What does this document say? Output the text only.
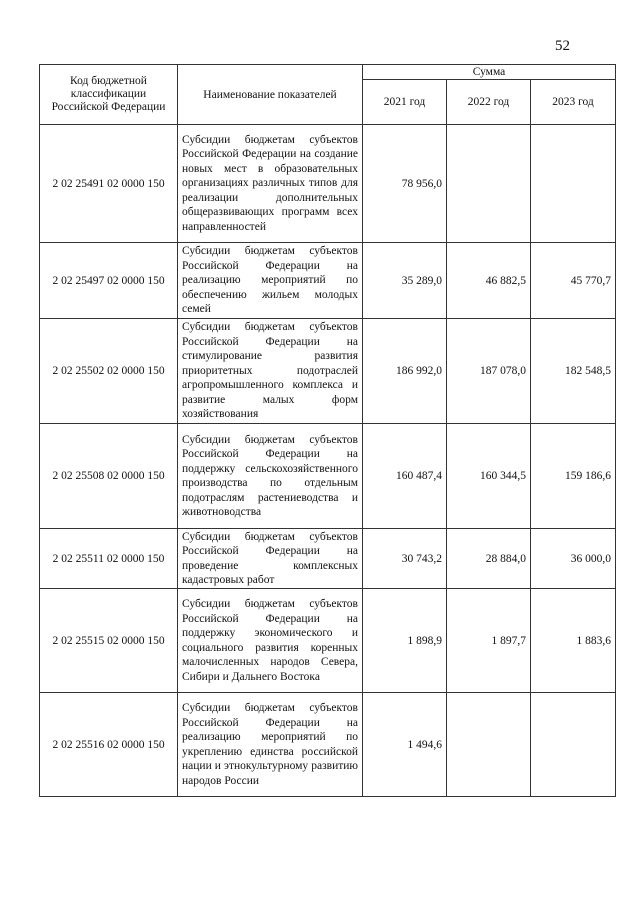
52
Код бюджетной классификации Российской Федерации	Наименование показателей	Сумма		
		2021 год	2022 год	2023 год
2 02 25491 02 0000 150	Субсидии бюджетам субъектов Российской Федерации на создание новых мест в образовательных организациях различных типов для реализации дополнительных общеразвивающих программ всех направленностей	78 956,0		
2 02 25497 02 0000 150	Субсидии бюджетам субъектов Российской Федерации на реализацию мероприятий по обеспечению жильем молодых семей	35 289,0	46 882,5	45 770,7
2 02 25502 02 0000 150	Субсидии бюджетам субъектов Российской Федерации на стимулирование развития приоритетных подотраслей агропромышленного комплекса и развитие малых форм хозяйствования	186 992,0	187 078,0	182 548,5
2 02 25508 02 0000 150	Субсидии бюджетам субъектов Российской Федерации на поддержку сельскохозяйственного производства по отдельным подотраслям растениеводства и животноводства	160 487,4	160 344,5	159 186,6
2 02 25511 02 0000 150	Субсидии бюджетам субъектов Российской Федерации на проведение комплексных кадастровых работ	30 743,2	28 884,0	36 000,0
2 02 25515 02 0000 150	Субсидии бюджетам субъектов Российской Федерации на поддержку экономического и социального развития коренных малочисленных народов Севера, Сибири и Дальнего Востока	1 898,9	1 897,7	1 883,6
2 02 25516 02 0000 150	Субсидии бюджетам субъектов Российской Федерации на реализацию мероприятий по укреплению единства российской нации и этнокультурному развитию народов России	1 494,6		
